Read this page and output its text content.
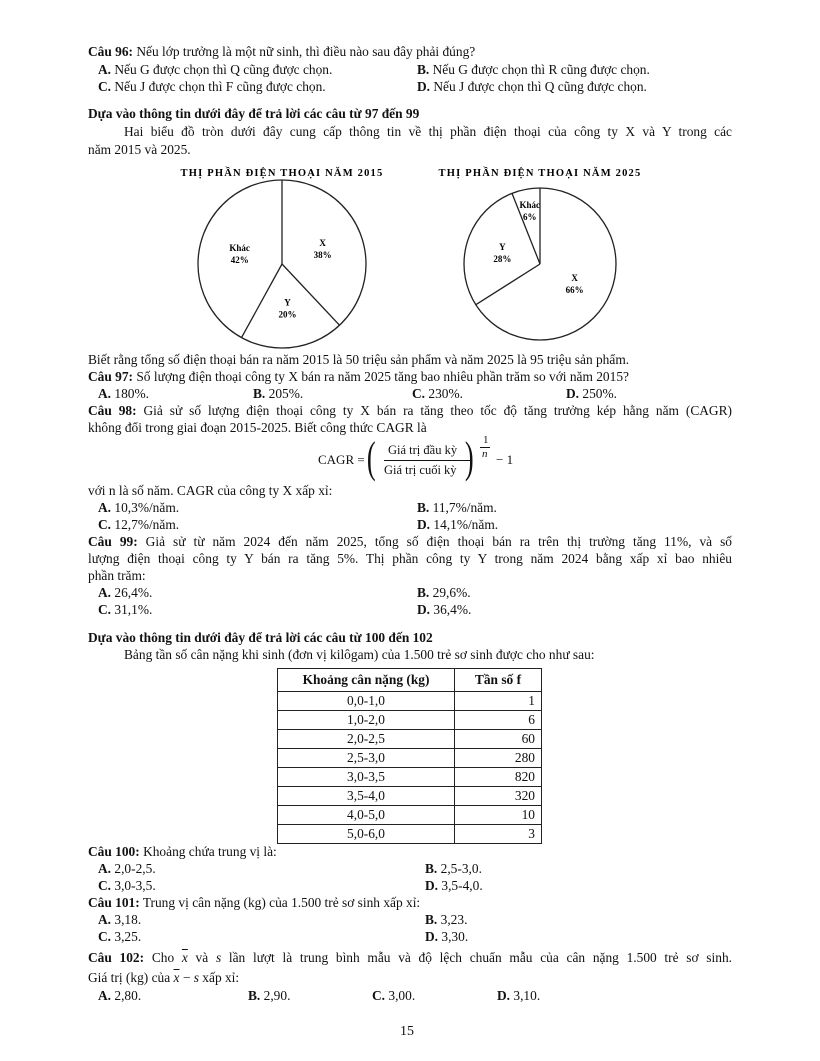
Câu 96: Nếu lớp trưởng là một nữ sinh, thì điều nào sau đây phải đúng?
A. Nếu G được chọn thì Q cũng được chọn.	B. Nếu G được chọn thì R cũng được chọn.
C. Nếu J được chọn thì F cũng được chọn.	D. Nếu J được chọn thì Q cũng được chọn.
Dựa vào thông tin dưới đây để trả lời các câu từ 97 đến 99
Hai biểu đồ tròn dưới đây cung cấp thông tin về thị phần điện thoại của công ty X và Y trong các
năm 2015 và 2025.
THỊ PHẦN ĐIỆN THOẠI NĂM 2015	THỊ PHẦN ĐIỆN THOẠI NĂM 2025
X
38%
Y
20%
Khác
42%
X
66%
Y
28%
Khác
6%
Biết rằng tổng số điện thoại bán ra năm 2015 là 50 triệu sản phẩm và năm 2025 là 95 triệu sản phẩm.
Câu 97: Số lượng điện thoại công ty X bán ra năm 2025 tăng bao nhiêu phần trăm so với năm 2015?
A. 180%.	B. 205%.	C. 230%.	D. 250%.
Câu 98: Giả sử số lượng điện thoại công ty X bán ra tăng theo tốc độ tăng trưởng kép hằng năm (CAGR)
không đổi trong giai đoạn 2015-2025. Biết công thức CAGR là
CAGR = ( Giá trị đầu kỳ
Giá trị cuối kỳ ) 1
n − 1
với n là số năm. CAGR của công ty X xấp xỉ:
A. 10,3%/năm.	B. 11,7%/năm.
C. 12,7%/năm.	D. 14,1%/năm.
Câu 99: Giả sử từ năm 2024 đến năm 2025, tổng số điện thoại bán ra trên thị trường tăng 11%, và số
lượng điện thoại công ty Y bán ra tăng 5%. Thị phần công ty Y trong năm 2024 bằng xấp xỉ bao nhiêu
phần trăm:
A. 26,4%.	B. 29,6%.
C. 31,1%.	D. 36,4%.
Dựa vào thông tin dưới đây để trả lời các câu từ 100 đến 102
Bảng tần số cân nặng khi sinh (đơn vị kilôgam) của 1.500 trẻ sơ sinh được cho như sau:
Khoảng cân nặng (kg)	Tần số f
0,0-1,0	1
1,0-2,0	6
2,0-2,5	60
2,5-3,0	280
3,0-3,5	820
3,5-4,0	320
4,0-5,0	10
5,0-6,0	3
Câu 100: Khoảng chứa trung vị là:
A. 2,0-2,5.	B. 2,5-3,0.
C. 3,0-3,5.	D. 3,5-4,0.
Câu 101: Trung vị cân nặng (kg) của 1.500 trẻ sơ sinh xấp xỉ:
A. 3,18.	B. 3,23.
C. 3,25.	D. 3,30.
Câu 102: Cho $\overline{x}$ và s lần lượt là trung bình mẫu và độ lệch chuẩn mẫu của cân nặng 1.500 trẻ sơ sinh.
Giá trị (kg) của $\overline{x} - s$ xấp xỉ:
A. 2,80.	B. 2,90.	C. 3,00.	D. 3,10.
15
